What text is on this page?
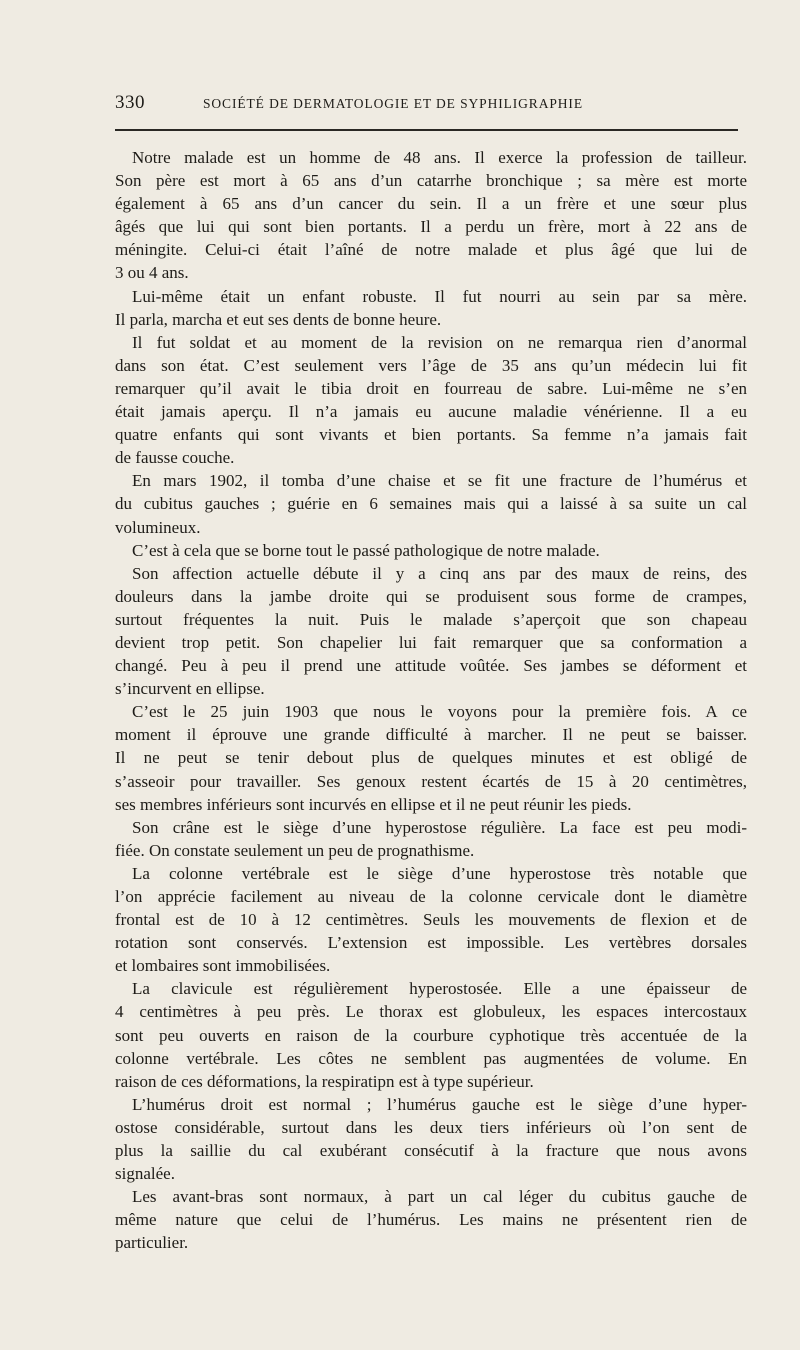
330	SOCIÉTÉ DE DERMATOLOGIE ET DE SYPHILIGRAPHIE
Notre malade est un homme de 48 ans. Il exerce la profession de tailleur.
Son père est mort à 65 ans d’un catarrhe bronchique ; sa mère est morte
également à 65 ans d’un cancer du sein. Il a un frère et une sœur plus
âgés que lui qui sont bien portants. Il a perdu un frère, mort à 22 ans de
méningite. Celui-ci était l’aîné de notre malade et plus âgé que lui de
3 ou 4 ans.
Lui-même était un enfant robuste. Il fut nourri au sein par sa mère.
Il parla, marcha et eut ses dents de bonne heure.
Il fut soldat et au moment de la revision on ne remarqua rien d’anormal
dans son état. C’est seulement vers l’âge de 35 ans qu’un médecin lui fit
remarquer qu’il avait le tibia droit en fourreau de sabre. Lui-même ne s’en
était jamais aperçu. Il n’a jamais eu aucune maladie vénérienne. Il a eu
quatre enfants qui sont vivants et bien portants. Sa femme n’a jamais fait
de fausse couche.
En mars 1902, il tomba d’une chaise et se fit une fracture de l’humérus et
du cubitus gauches ; guérie en 6 semaines mais qui a laissé à sa suite un cal
volumineux.
C’est à cela que se borne tout le passé pathologique de notre malade.
Son affection actuelle débute il y a cinq ans par des maux de reins, des
douleurs dans la jambe droite qui se produisent sous forme de crampes,
surtout fréquentes la nuit. Puis le malade s’aperçoit que son chapeau
devient trop petit. Son chapelier lui fait remarquer que sa conformation a
changé. Peu à peu il prend une attitude voûtée. Ses jambes se déforment et
s’incurvent en ellipse.
C’est le 25 juin 1903 que nous le voyons pour la première fois. A ce
moment il éprouve une grande difficulté à marcher. Il ne peut se baisser.
Il ne peut se tenir debout plus de quelques minutes et est obligé de
s’asseoir pour travailler. Ses genoux restent écartés de 15 à 20 centimètres,
ses membres inférieurs sont incurvés en ellipse et il ne peut réunir les pieds.
Son crâne est le siège d’une hyperostose régulière. La face est peu modi-
fiée. On constate seulement un peu de prognathisme.
La colonne vertébrale est le siège d’une hyperostose très notable que
l’on apprécie facilement au niveau de la colonne cervicale dont le diamètre
frontal est de 10 à 12 centimètres. Seuls les mouvements de flexion et de
rotation sont conservés. L’extension est impossible. Les vertèbres dorsales
et lombaires sont immobilisées.
La clavicule est régulièrement hyperostosée. Elle a une épaisseur de
4 centimètres à peu près. Le thorax est globuleux, les espaces intercostaux
sont peu ouverts en raison de la courbure cyphotique très accentuée de la
colonne vertébrale. Les côtes ne semblent pas augmentées de volume. En
raison de ces déformations, la respiratipn est à type supérieur.
L’humérus droit est normal ; l’humérus gauche est le siège d’une hyper-
ostose considérable, surtout dans les deux tiers inférieurs où l’on sent de
plus la saillie du cal exubérant consécutif à la fracture que nous avons
signalée.
Les avant-bras sont normaux, à part un cal léger du cubitus gauche de
même nature que celui de l’humérus. Les mains ne présentent rien de
particulier.
